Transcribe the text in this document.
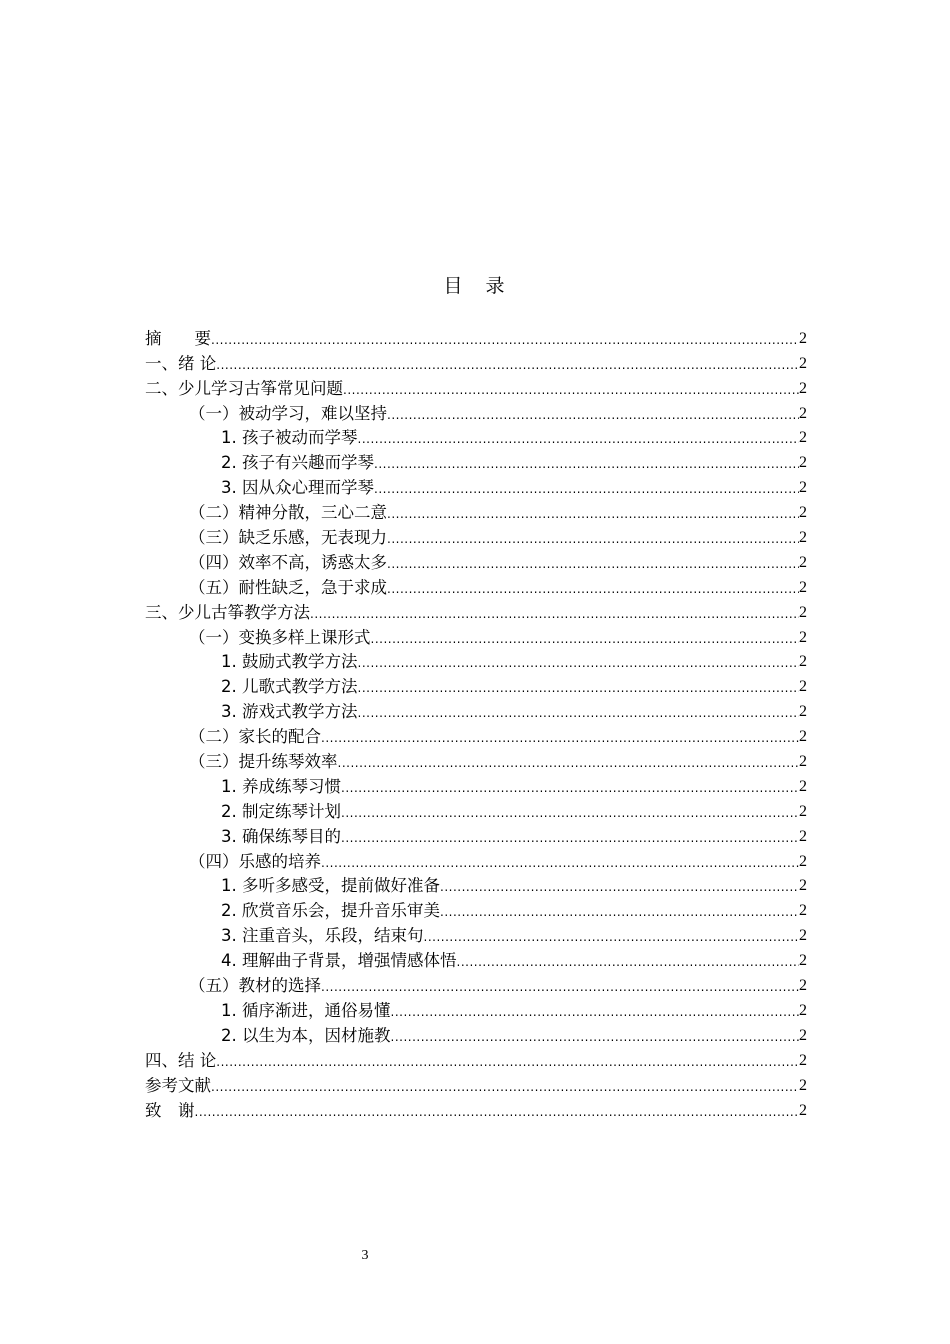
目　录
摘　　要 .....	2
一、绪 论 .....	2
二、少儿学习古筝常见问题 .....	2
（一）被动学习，难以坚持 .....	2
1. 孩子被动而学琴 .....	2
2. 孩子有兴趣而学琴 .....	2
3. 因从众心理而学琴 .....	2
（二）精神分散，三心二意 .....	2
（三）缺乏乐感，无表现力 .....	2
（四）效率不高，诱惑太多 .....	2
（五）耐性缺乏，急于求成 .....	2
三、少儿古筝教学方法 .....	2
（一）变换多样上课形式 .....	2
1. 鼓励式教学方法 .....	2
2. 儿歌式教学方法 .....	2
3. 游戏式教学方法 .....	2
（二）家长的配合 .....	2
（三）提升练琴效率 .....	2
1. 养成练琴习惯 .....	2
2. 制定练琴计划 .....	2
3. 确保练琴目的 .....	2
（四）乐感的培养 .....	2
1. 多听多感受，提前做好准备 .....	2
2. 欣赏音乐会，提升音乐审美 .....	2
3. 注重音头，乐段，结束句 .....	2
4. 理解曲子背景，增强情感体悟 .....	2
（五）教材的选择 .....	2
1. 循序渐进，通俗易懂 .....	2
2. 以生为本，因材施教 .....	2
四、结 论 .....	2
参考文献 .....	2
致　谢 .....	2
3
